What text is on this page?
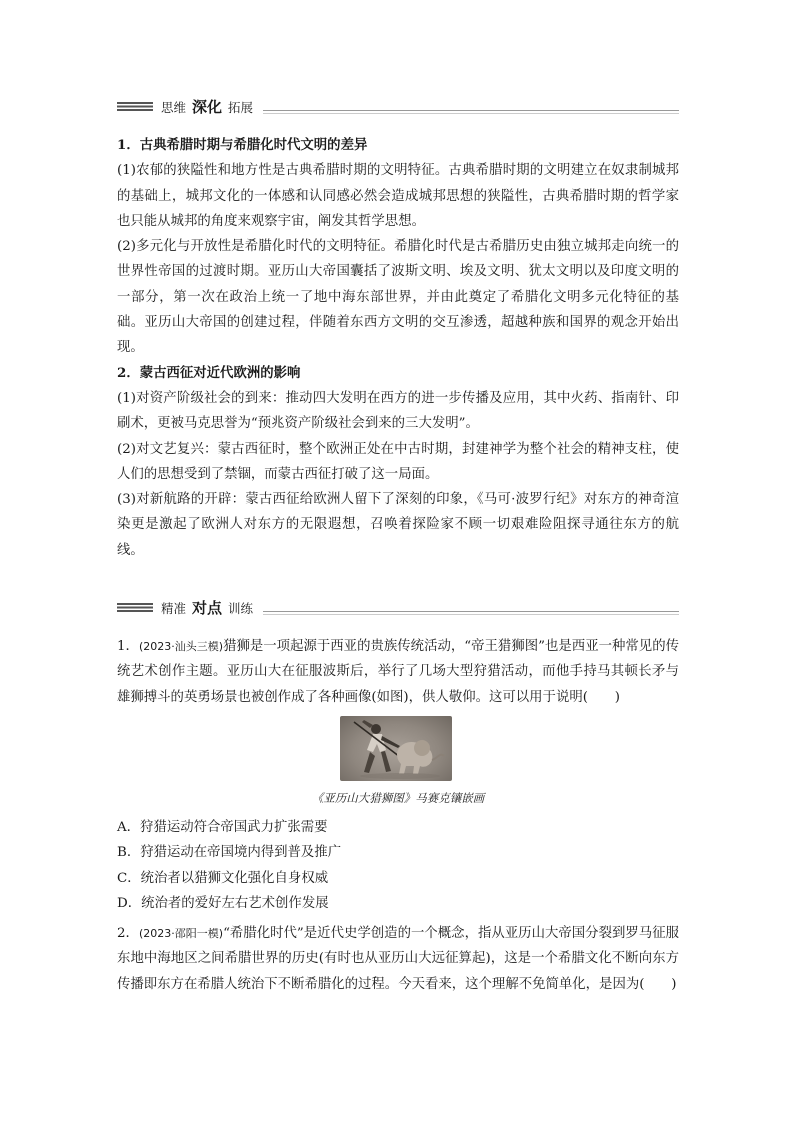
思维 深化 拓展

1．古典希腊时期与希腊化时代文明的差异

(1)农郁的狭隘性和地方性是古典希腊时期的文明特征。古典希腊时期的文明建立在奴隶制城邦的基础上，城邦文化的一体感和认同感必然会造成城邦思想的狭隘性，古典希腊时期的哲学家也只能从城邦的角度来观察宇宙，阐发其哲学思想。

(2)多元化与开放性是希腊化时代的文明特征。希腊化时代是古希腊历史由独立城邦走向统一的世界性帝国的过渡时期。亚历山大帝国囊括了波斯文明、埃及文明、犹太文明以及印度文明的一部分，第一次在政治上统一了地中海东部世界，并由此奠定了希腊化文明多元化特征的基础。亚历山大帝国的创建过程，伴随着东西方文明的交互渗透，超越种族和国界的观念开始出现。

2．蒙古西征对近代欧洲的影响

(1)对资产阶级社会的到来：推动四大发明在西方的进一步传播及应用，其中火药、指南针、印刷术，更被马克思誉为“预兆资产阶级社会到来的三大发明”。

(2)对文艺复兴：蒙古西征时，整个欧洲正处在中古时期，封建神学为整个社会的精神支柱，使人们的思想受到了禁锢，而蒙古西征打破了这一局面。

(3)对新航路的开辟：蒙古西征给欧洲人留下了深刻的印象，《马可·波罗行纪》对东方的神奇渲染更是激起了欧洲人对东方的无限遐想，召唤着探险家不顾一切艰难险阻探寻通往东方的航线。

精准 对点 训练

1．(2023·汕头三模)猎狮是一项起源于西亚的贵族传统活动，“帝王猎狮图”也是西亚一种常见的传统艺术创作主题。亚历山大在征服波斯后，举行了几场大型狩猎活动，而他手持马其顿长矛与雄狮搏斗的英勇场景也被创作成了各种画像(如图)，供人敬仰。这可以用于说明(　　)

《亚历山大猎狮图》马赛克镶嵌画

A．狩猎运动符合帝国武力扩张需要

B．狩猎运动在帝国境内得到普及推广

C．统治者以猎狮文化强化自身权威

D．统治者的爱好左右艺术创作发展

2．(2023·邵阳一模)“希腊化时代”是近代史学创造的一个概念，指从亚历山大帝国分裂到罗马征服东地中海地区之间希腊世界的历史(有时也从亚历山大远征算起)，这是一个希腊文化不断向东方传播即东方在希腊人统治下不断希腊化的过程。今天看来，这个理解不免简单化，是因为(　　)
